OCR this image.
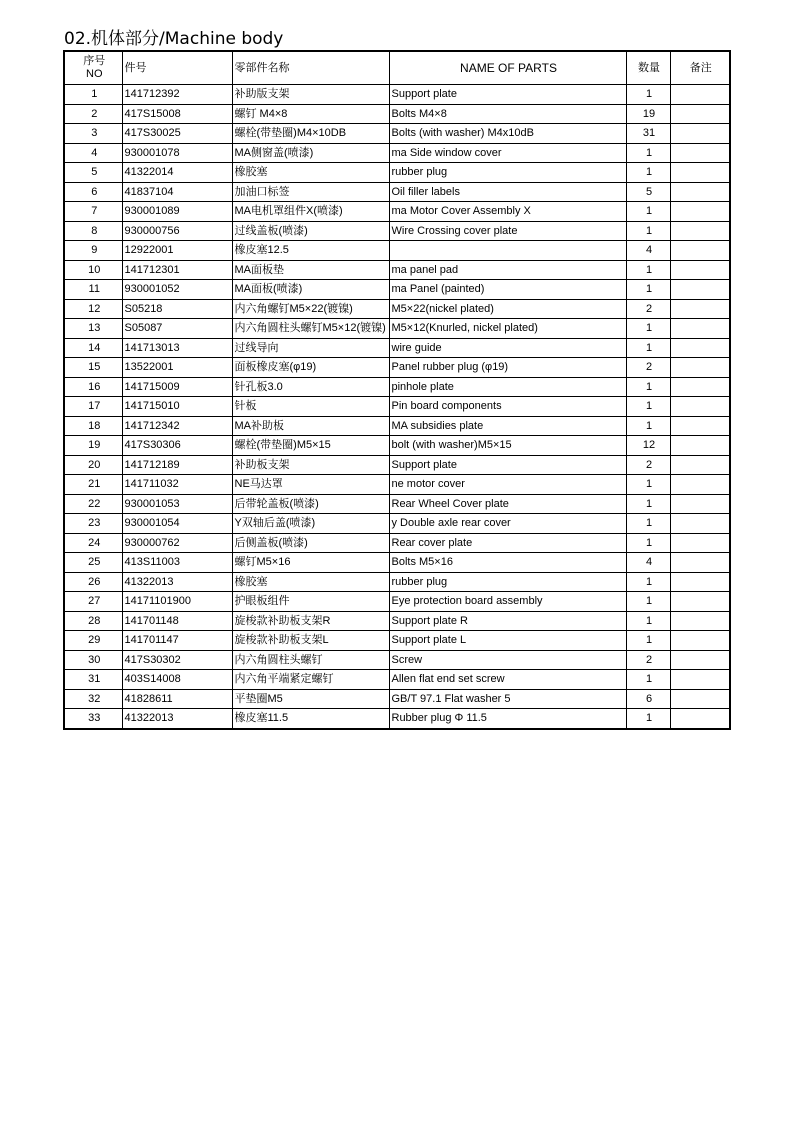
02.机体部分/Machine body
序号
NO	件号	零部件名称	NAME OF PARTS	数量	备注
1	141712392	补助版支架	Support plate	1	
2	417S15008	螺钉 M4×8	Bolts M4×8	19	
3	417S30025	螺栓(带垫圈)M4×10DB	Bolts (with washer) M4x10dB	31	
4	930001078	MA侧窗盖(喷漆)	ma Side window cover	1	
5	41322014	橡胶塞	rubber plug	1	
6	41837104	加油口标签	Oil filler labels	5	
7	930001089	MA电机罩组件X(喷漆)	ma Motor Cover Assembly X	1	
8	930000756	过线盖板(喷漆)	Wire Crossing cover plate	1	
9	12922001	橡皮塞12.5		4	
10	141712301	MA面板垫	ma panel pad	1	
11	930001052	MA面板(喷漆)	ma Panel (painted)	1	
12	S05218	内六角螺钉M5×22(镀镍)	M5×22(nickel plated)	2	
13	S05087	内六角圆柱头螺钉M5×12(镀镍)	M5×12(Knurled, nickel plated)	1	
14	141713013	过线导向	wire guide	1	
15	13522001	面板橡皮塞(φ19)	Panel rubber plug (φ19)	2	
16	141715009	针孔板3.0	pinhole plate	1	
17	141715010	针板	Pin board components	1	
18	141712342	MA补助板	MA subsidies plate	1	
19	417S30306	螺栓(带垫圈)M5×15	bolt (with washer)M5×15	12	
20	141712189	补助板支架	Support plate	2	
21	141711032	NE马达罩	ne motor cover	1	
22	930001053	后带轮盖板(喷漆)	Rear Wheel Cover plate	1	
23	930001054	Y双轴后盖(喷漆)	y Double axle rear cover	1	
24	930000762	后侧盖板(喷漆)	Rear cover plate	1	
25	413S11003	螺钉M5×16	Bolts M5×16	4	
26	41322013	橡胶塞	rubber plug	1	
27	14171101900	护眼板组件	Eye protection board assembly	1	
28	141701148	旋梭款补助板支架R	Support plate R	1	
29	141701147	旋梭款补助板支架L	Support plate L	1	
30	417S30302	内六角圆柱头螺钉	Screw	2	
31	403S14008	内六角平端紧定螺钉	Allen flat end set screw	1	
32	41828611	平垫圈M5	GB/T 97.1 Flat washer 5	6	
33	41322013	橡皮塞11.5	Rubber plug Φ 11.5	1	
